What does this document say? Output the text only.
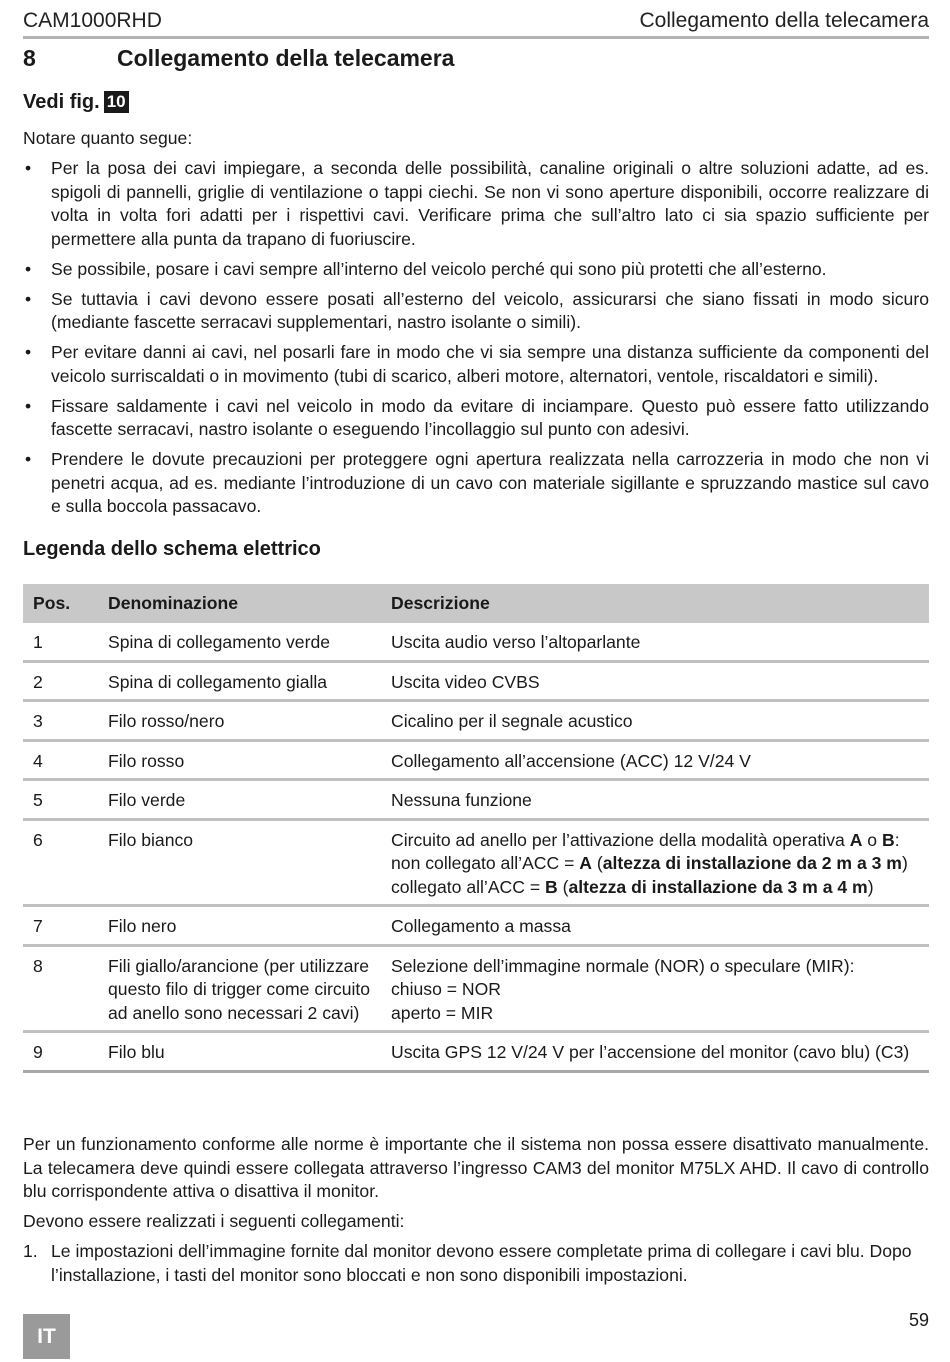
CAM1000RHD	Collegamento della telecamera
8	Collegamento della telecamera
Vedi fig. 10
Notare quanto segue:
• Per la posa dei cavi impiegare, a seconda delle possibilità, canaline originali o altre soluzioni adatte, ad es. spigoli di pannelli, griglie di ventilazione o tappi ciechi. Se non vi sono aperture disponibili, occorre realizzare di volta in volta fori adatti per i rispettivi cavi. Verificare prima che sull’altro lato ci sia spazio sufficiente per permettere alla punta da trapano di fuoriuscire.
• Se possibile, posare i cavi sempre all’interno del veicolo perché qui sono più protetti che all’esterno.
• Se tuttavia i cavi devono essere posati all’esterno del veicolo, assicurarsi che siano fissati in modo sicuro (mediante fascette serracavi supplementari, nastro isolante o simili).
• Per evitare danni ai cavi, nel posarli fare in modo che vi sia sempre una distanza sufficiente da componenti del veicolo surriscaldati o in movimento (tubi di scarico, alberi motore, alternatori, ventole, riscaldatori e simili).
• Fissare saldamente i cavi nel veicolo in modo da evitare di inciampare. Questo può essere fatto utilizzando fascette serracavi, nastro isolante o eseguendo l’incollaggio sul punto con adesivi.
• Prendere le dovute precauzioni per proteggere ogni apertura realizzata nella carrozzeria in modo che non vi penetri acqua, ad es. mediante l’introduzione di un cavo con materiale sigillante e spruzzando mastice sul cavo e sulla boccola passacavo.
Legenda dello schema elettrico
Pos.	Denominazione	Descrizione
1	Spina di collegamento verde	Uscita audio verso l’altoparlante
2	Spina di collegamento gialla	Uscita video CVBS
3	Filo rosso/nero	Cicalino per il segnale acustico
4	Filo rosso	Collegamento all’accensione (ACC) 12 V/24 V
5	Filo verde	Nessuna funzione
6	Filo bianco	Circuito ad anello per l’attivazione della modalità operativa A o B:
non collegato all’ACC = A (altezza di installazione da 2 m a 3 m)
collegato all’ACC = B (altezza di installazione da 3 m a 4 m)
7	Filo nero	Collegamento a massa
8	Fili giallo/arancione (per utilizzare questo filo di trigger come circuito ad anello sono necessari 2 cavi)	Selezione dell’immagine normale (NOR) o speculare (MIR):
chiuso = NOR
aperto = MIR
9	Filo blu	Uscita GPS 12 V/24 V per l’accensione del monitor (cavo blu) (C3)

Per un funzionamento conforme alle norme è importante che il sistema non possa essere disattivato manualmente. La telecamera deve quindi essere collegata attraverso l’ingresso CAM3 del monitor M75LX AHD. Il cavo di controllo blu corrispondente attiva o disattiva il monitor.

Devono essere realizzati i seguenti collegamenti:

1. Le impostazioni dell’immagine fornite dal monitor devono essere completate prima di collegare i cavi blu. Dopo l’installazione, i tasti del monitor sono bloccati e non sono disponibili impostazioni.
59
IT
